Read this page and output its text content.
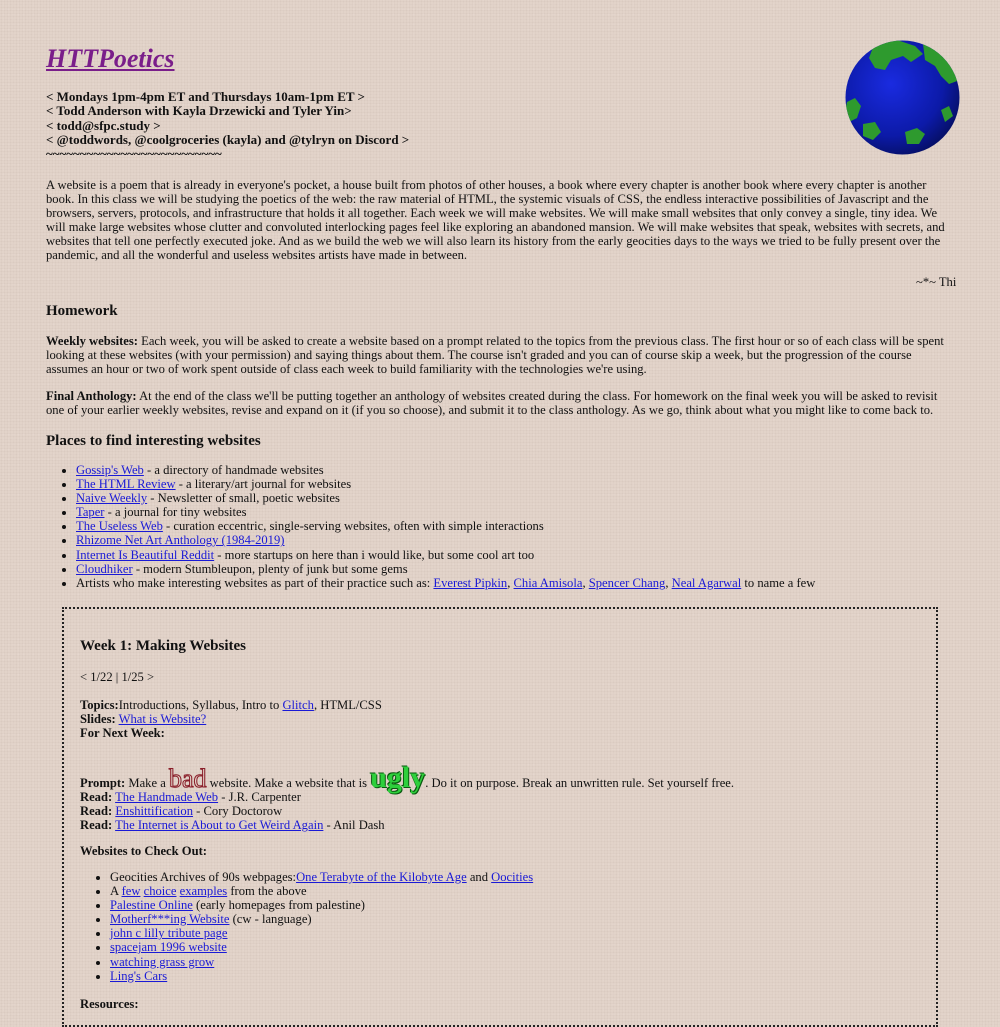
HTTPoetics
< Mondays 1pm-4pm ET and Thursdays 10am-1pm ET >
< Todd Anderson with Kayla Drzewicki and Tyler Yin>
< todd@sfpc.study >
< @toddwords, @coolgroceries (kayla) and @tylryn on Discord >
~~~~~~~~~~~~~~~~~~~~~~~~~~
A website is a poem that is already in everyone's pocket, a house built from photos of other houses, a book where every chapter is another book where every chapter is another book. In this class we will be studying the poetics of the web: the raw material of HTML, the systemic visuals of CSS, the endless interactive possibilities of Javascript and the browsers, servers, protocols, and infrastructure that holds it all together. Each week we will make websites. We will make small websites that only convey a single, tiny idea. We will make large websites whose clutter and convoluted interlocking pages feel like exploring an abandoned mansion. We will make websites that speak, websites with secrets, and websites that tell one perfectly executed joke. And as we build the web we will also learn its history from the early geocities days to the ways we tried to be fully present over the pandemic, and all the wonderful and useless websites artists have made in between.
~*~ Thi
Homework
Weekly websites: Each week, you will be asked to create a website based on a prompt related to the topics from the previous class. The first hour or so of each class will be spent looking at these websites (with your permission) and saying things about them. The course isn't graded and you can of course skip a week, but the progression of the course assumes an hour or two of work spent outside of class each week to build familiarity with the technologies we're using.
Final Anthology: At the end of the class we'll be putting together an anthology of websites created during the class. For homework on the final week you will be asked to revisit one of your earlier weekly websites, revise and expand on it (if you so choose), and submit it to the class anthology. As we go, think about what you might like to come back to.
Places to find interesting websites
• Gossip's Web - a directory of handmade websites
• The HTML Review - a literary/art journal for websites
• Naive Weekly - Newsletter of small, poetic websites
• Taper - a journal for tiny websites
• The Useless Web - curation eccentric, single-serving websites, often with simple interactions
• Rhizome Net Art Anthology (1984-2019)
• Internet Is Beautiful Reddit - more startups on here than i would like, but some cool art too
• Cloudhiker - modern Stumbleupon, plenty of junk but some gems
• Artists who make interesting websites as part of their practice such as: Everest Pipkin, Chia Amisola, Spencer Chang, Neal Agarwal to name a few
Week 1: Making Websites
< 1/22 | 1/25 >
Topics:Introductions, Syllabus, Intro to Glitch, HTML/CSS
Slides: What is Website?
For Next Week:
Prompt: Make a bad website. Make a website that is ugly. Do it on purpose. Break an unwritten rule. Set yourself free.
Read: The Handmade Web - J.R. Carpenter
Read: Enshittification - Cory Doctorow
Read: The Internet is About to Get Weird Again - Anil Dash
Websites to Check Out:
• Geocities Archives of 90s webpages:One Terabyte of the Kilobyte Age and Oocities
• A few choice examples from the above
• Palestine Online (early homepages from palestine)
• Motherf***ing Website (cw - language)
• john c lilly tribute page
• spacejam 1996 website
• watching grass grow
• Ling's Cars
Resources:
